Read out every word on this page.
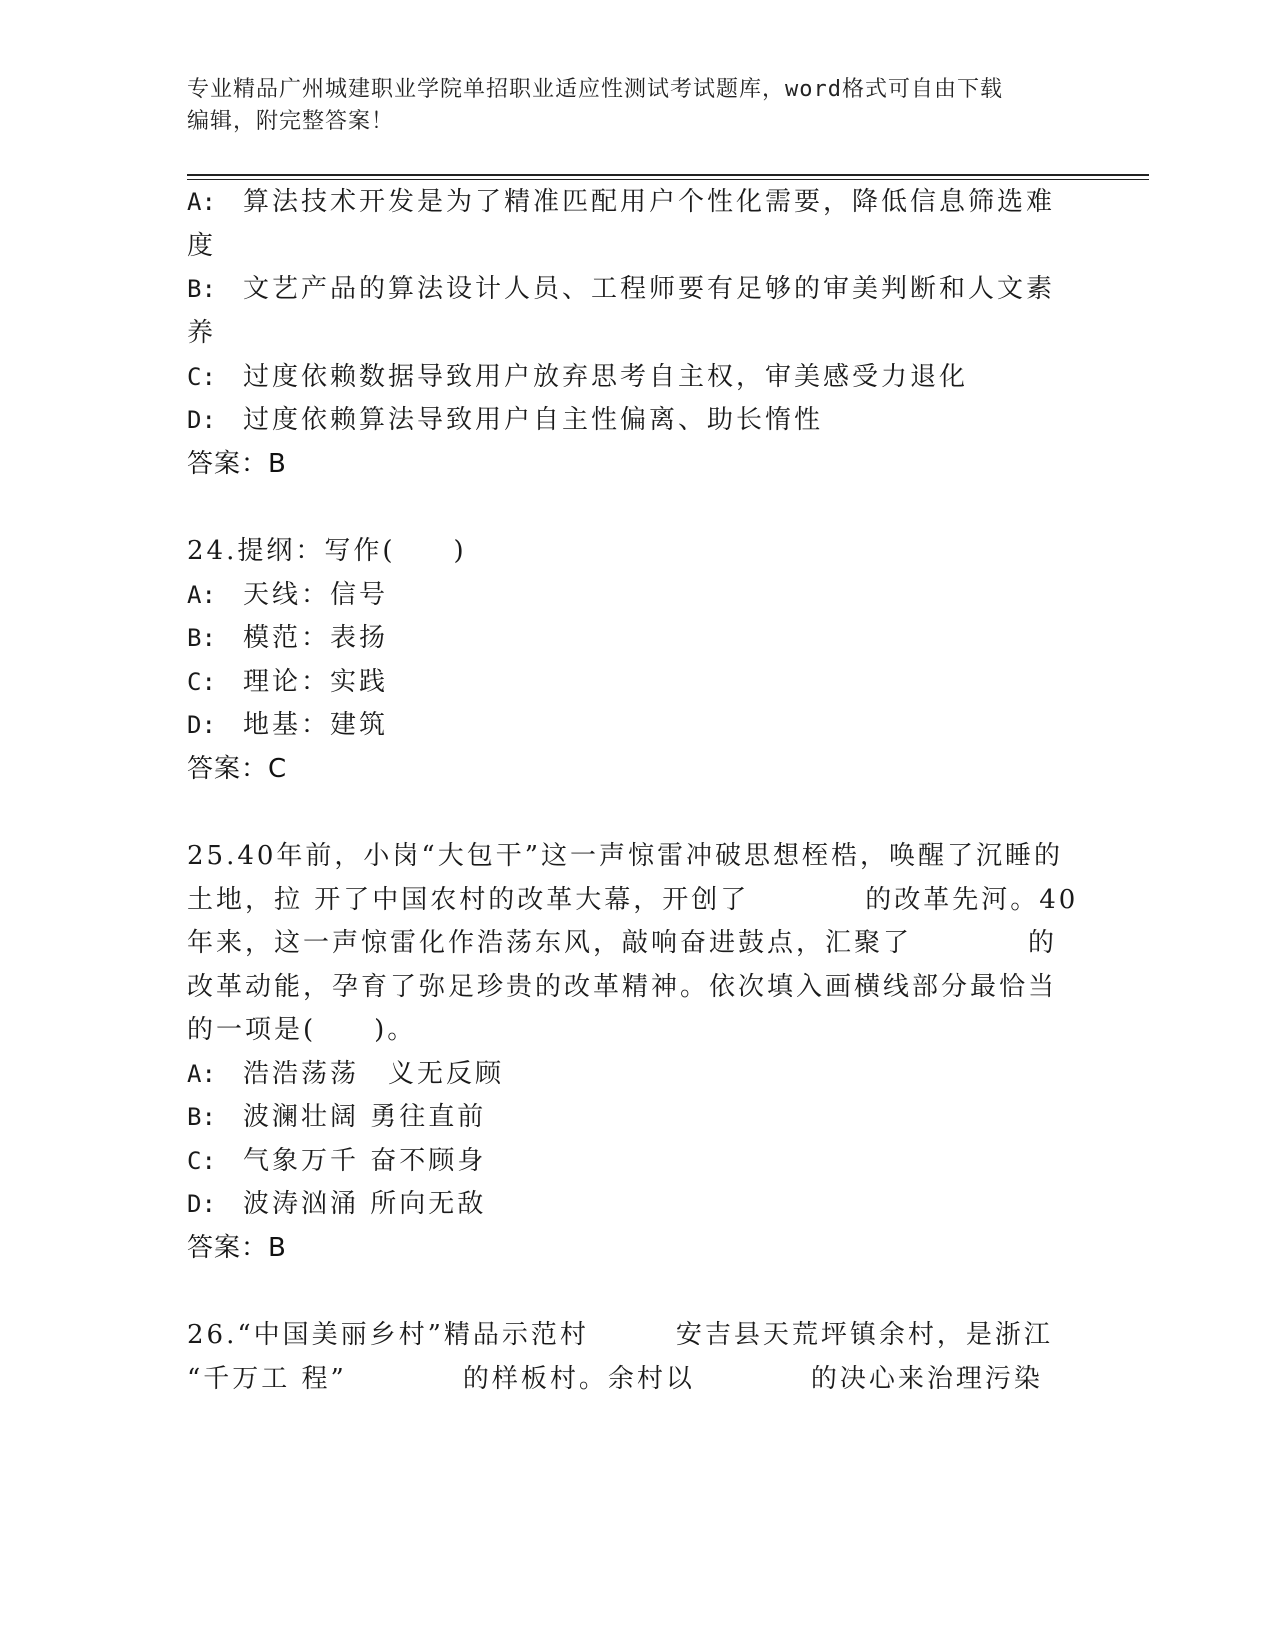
专业精品广州城建职业学院单招职业适应性测试考试题库，word格式可自由下载
编辑，附完整答案！
A: 算法技术开发是为了精准匹配用户个性化需要，降低信息筛选难
度
B: 文艺产品的算法设计人员、工程师要有足够的审美判断和人文素
养
C: 过度依赖数据导致用户放弃思考自主权，审美感受力退化
D: 过度依赖算法导致用户自主性偏离、助长惰性
答案：B
24.提纲：写作(　　)
A: 天线：信号
B: 模范：表扬
C: 理论：实践
D: 地基：建筑
答案：C
25.40年前，小岗“大包干”这一声惊雷冲破思想桎梏，唤醒了沉睡的
土地，拉 开了中国农村的改革大幕，开创了　　　　的改革先河。40
年来，这一声惊雷化作浩荡东风，敲响奋进鼓点，汇聚了　　　　的
改革动能，孕育了弥足珍贵的改革精神。依次填入画横线部分最恰当
的一项是(　　)。
A: 浩浩荡荡　义无反顾
B: 波澜壮阔 勇往直前
C: 气象万千 奋不顾身
D: 波涛汹涌 所向无敌
答案：B
26.“中国美丽乡村”精品示范村　　　安吉县天荒坪镇余村，是浙江
“千万工 程”　　　　的样板村。余村以　　　　的决心来治理污染
